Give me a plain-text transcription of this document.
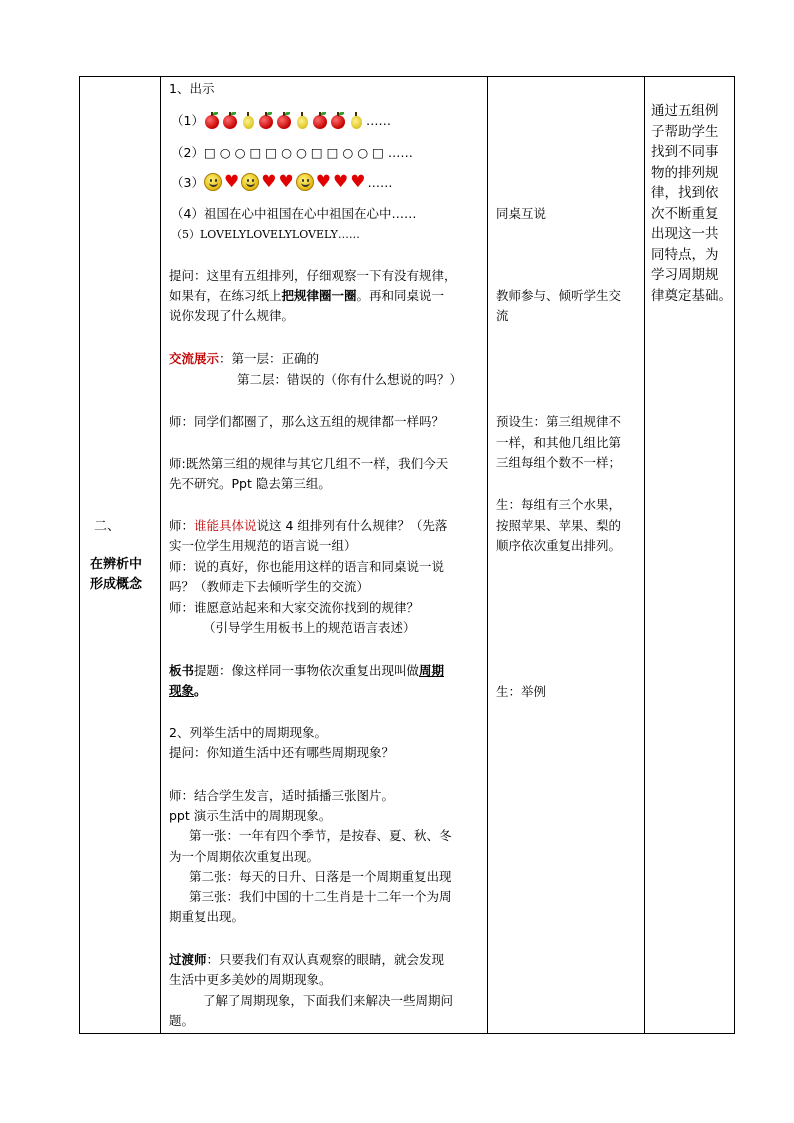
二、
在辨析中形成概念
1、出示
（1）	……
（2）□ ○ ○ □ □ ○ ○ □ □ ○ ○ □ ……
（3） ♥ ♥ ♥ ♥ ♥ ♥ ……
（4）祖国在心中祖国在心中祖国在心中……
（5）LOVELYLOVELYLOVELY……
提问：这里有五组排列，仔细观察一下有没有规律，
如果有，在练习纸上把规律圈一圈。再和同桌说一
说你发现了什么规律。
交流展示：第一层：正确的
第二层：错误的（你有什么想说的吗？）
师：同学们都圈了，那么这五组的规律都一样吗？
师:既然第三组的规律与其它几组不一样，我们今天
先不研究。Ppt 隐去第三组。
师：谁能具体说说这 4 组排列有什么规律？（先落
实一位学生用规范的语言说一组）
师：说的真好，你也能用这样的语言和同桌说一说
吗？（教师走下去倾听学生的交流）
师：谁愿意站起来和大家交流你找到的规律？
（引导学生用板书上的规范语言表述）
板书提题：像这样同一事物依次重复出现叫做周期
现象。
2、列举生活中的周期现象。
提问：你知道生活中还有哪些周期现象？
师：结合学生发言，适时插播三张图片。
ppt 演示生活中的周期现象。
第一张：一年有四个季节，是按春、夏、秋、冬
为一个周期依次重复出现。
第二张：每天的日升、日落是一个周期重复出现
第三张：我们中国的十二生肖是十二年一个为周
期重复出现。
过渡师：只要我们有双认真观察的眼睛，就会发现
生活中更多美妙的周期现象。
了解了周期现象，下面我们来解决一些周期问
题。
同桌互说
教师参与、倾听学生交
流
预设生：第三组规律不
一样，和其他几组比第
三组每组个数不一样；
生：每组有三个水果，
按照苹果、苹果、梨的
顺序依次重复出排列。
生：举例
通过五组例
子帮助学生
找到不同事
物的排列规
律，找到依
次不断重复
出现这一共
同特点，为
学习周期规
律奠定基础。
